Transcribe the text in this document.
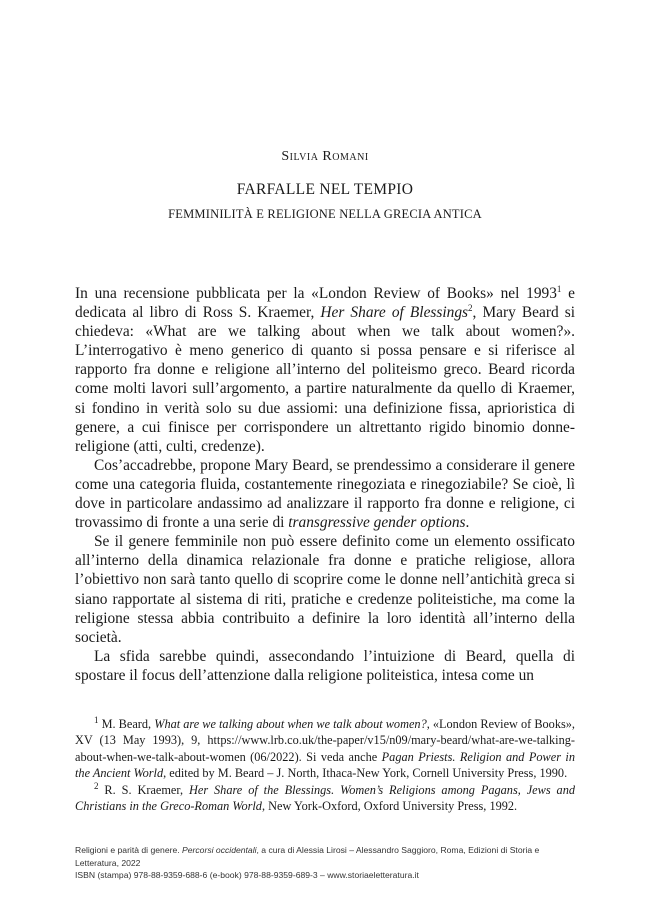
Silvia Romani
FARFALLE NEL TEMPIO
FEMMINILITÀ E RELIGIONE NELLA GRECIA ANTICA

In una recensione pubblicata per la «London Review of Books» nel 1993$^1$ e dedicata al libro di Ross S. Kraemer, Her Share of Blessings$^2$, Mary Beard si chiedeva: «What are we talking about when we talk about women?». L’interrogativo è meno generico di quanto si possa pensare e si riferisce al rapporto fra donne e religione all’interno del politeismo greco. Beard ricorda come molti lavori sull’argomento, a partire naturalmente da quello di Kraemer, si fondino in verità solo su due assiomi: una definizione fissa, aprioristica di genere, a cui finisce per corrispondere un altrettanto rigido binomio donne-religione (atti, culti, credenze).

Cos’accadrebbe, propone Mary Beard, se prendessimo a considerare il genere come una categoria fluida, costantemente rinegoziata e rinegoziabile? Se cioè, lì dove in particolare andassimo ad analizzare il rapporto fra donne e religione, ci trovassimo di fronte a una serie di transgressive gender options.

Se il genere femminile non può essere definito come un elemento ossificato all’interno della dinamica relazionale fra donne e pratiche religiose, allora l’obiettivo non sarà tanto quello di scoprire come le donne nell’antichità greca si siano rapportate al sistema di riti, pratiche e credenze politeistiche, ma come la religione stessa abbia contribuito a definire la loro identità all’interno della società.

La sfida sarebbe quindi, assecondando l’intuizione di Beard, quella di spostare il focus dell’attenzione dalla religione politeistica, intesa come un

$^1$ M. Beard, What are we talking about when we talk about women?, «London Review of Books», XV (13 May 1993), 9, https://www.lrb.co.uk/the-paper/v15/n09/mary-beard/what-are-we-talking-about-when-we-talk-about-women (06/2022). Si veda anche Pagan Priests. Religion and Power in the Ancient World, edited by M. Beard – J. North, Ithaca-New York, Cornell University Press, 1990.

$^2$ R. S. Kraemer, Her Share of the Blessings. Women’s Religions among Pagans, Jews and Christians in the Greco-Roman World, New York-Oxford, Oxford University Press, 1992.

Religioni e parità di genere. Percorsi occidentali, a cura di Alessia Lirosi – Alessandro Saggioro, Roma, Edizioni di Storia e
Letteratura, 2022
ISBN (stampa) 978-88-9359-688-6 (e-book) 978-88-9359-689-3 – www.storiaeletteratura.it
